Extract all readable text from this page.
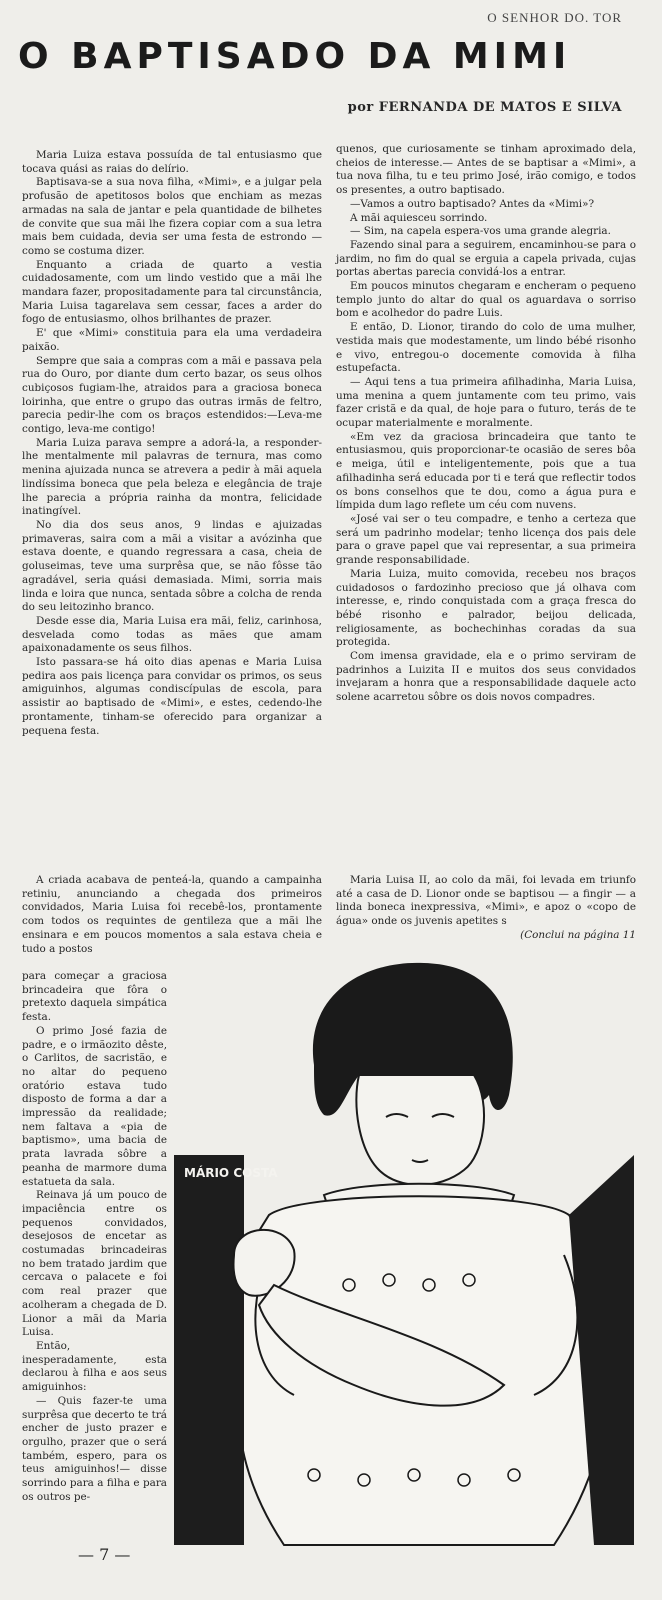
O SENHOR DO. TOR
O BAPTISADO DA MIMI
por FERNANDA DE MATOS E SILVA

Maria Luiza estava possuída de tal entusiasmo que tocava quási as raias do delírio.

Baptisava-se a sua nova filha, «Mimi», e a julgar pela profusão de apetitosos bolos que enchiam as mezas armadas na sala de jantar e pela quantidade de bilhetes de convite que sua mãi lhe fizera copiar com a sua letra mais bem cuidada, devia ser uma festa de estrondo — como se costuma dizer.

Enquanto a criada de quarto a vestia cuidadosamente, com um lindo vestido que a mãi lhe mandara fazer, propositadamente para tal circunstância, Maria Luisa tagarelava sem cessar, faces a arder do fogo de entusiasmo, olhos brilhantes de prazer.

E' que «Mimi» constituia para ela uma verdadeira paixão.

Sempre que saia a compras com a mãi e passava pela rua do Ouro, por diante dum certo bazar, os seus olhos cubiçosos fugiam-lhe, atraidos para a graciosa boneca loirinha, que entre o grupo das outras irmãs de feltro, parecia pedir-lhe com os braços estendidos:—Leva-me contigo, leva-me contigo!

Maria Luiza parava sempre a adorá-la, a responder-lhe mentalmente mil palavras de ternura, mas como menina ajuizada nunca se atrevera a pedir à mãi aquela lindíssima boneca que pela beleza e elegância de traje lhe parecia a própria rainha da montra, felicidade inatingível.

No dia dos seus anos, 9 lindas e ajuizadas primaveras, saira com a mãi a visitar a avózinha que estava doente, e quando regressara a casa, cheia de goluseimas, teve uma surprêsa que, se não fôsse tão agradável, seria quási demasiada. Mimi, sorria mais linda e loira que nunca, sentada sôbre a colcha de renda do seu leitozinho branco.

Desde esse dia, Maria Luisa era mãi, feliz, carinhosa, desvelada como todas as mães que amam apaixonadamente os seus filhos.

Isto passara-se há oito dias apenas e Maria Luisa pedira aos pais licença para convidar os primos, os seus amiguinhos, algumas condiscípulas de escola, para assistir ao baptisado de «Mimi», e estes, cedendo-lhe prontamente, tinham-se oferecido para organizar a pequena festa.

quenos, que curiosamente se tinham aproximado dela, cheios de interesse.— Antes de se baptisar a «Mimi», a tua nova filha, tu e teu primo José, irão comigo, e todos os presentes, a outro baptisado.

—Vamos a outro baptisado? Antes da «Mimi»?

A mãi aquiesceu sorrindo.

— Sim, na capela espera-vos uma grande alegria.

Fazendo sinal para a seguirem, encaminhou-se para o jardim, no fim do qual se erguia a capela privada, cujas portas abertas parecia convidá-los a entrar.

Em poucos minutos chegaram e encheram o pequeno templo junto do altar do qual os aguardava o sorriso bom e acolhedor do padre Luis.

E então, D. Lionor, tirando do colo de uma mulher, vestida mais que modestamente, um lindo bébé risonho e vivo, entregou-o docemente comovida à filha estupefacta.

— Aqui tens a tua primeira afilhadinha, Maria Luisa, uma menina a quem juntamente com teu primo, vais fazer cristã e da qual, de hoje para o futuro, terás de te ocupar materialmente e moralmente.

«Em vez da graciosa brincadeira que tanto te entusiasmou, quis proporcionar-te ocasião de seres bôa e meiga, útil e inteligentemente, pois que a tua afilhadinha será educada por ti e terá que reflectir todos os bons conselhos que te dou, como a água pura e límpida dum lago reflete um céu com nuvens.

«José vai ser o teu compadre, e tenho a certeza que será um padrinho modelar; tenho licença dos pais dele para o grave papel que vai representar, a sua primeira grande responsabilidade.

Maria Luiza, muito comovida, recebeu nos braços cuidadosos o fardozinho precioso que já olhava com interesse, e, rindo conquistada com a graça fresca do bébé risonho e palrador, beijou delicada, religiosamente, as bochechinhas coradas da sua protegida.

Com imensa gravidade, ela e o primo serviram de padrinhos a Luizita II e muitos dos seus convidados invejaram a honra que a responsabilidade daquele acto solene acarretou sôbre os dois novos compadres.

A criada acabava de penteá-la, quando a campainha retiniu, anunciando a chegada dos primeiros convidados, Maria Luisa foi recebê-los, prontamente com todos os requintes de gentileza que a mãi lhe ensinara e em poucos momentos a sala estava cheia e tudo a postos

para começar a graciosa brincadeira que fôra o pretexto daquela simpática festa.

O primo José fazia de padre, e o irmãozito dêste, o Carlitos, de sacristão, e no altar do pequeno oratório estava tudo disposto de forma a dar a impressão da realidade; nem faltava a «pia de baptismo», uma bacia de prata lavrada sôbre a peanha de marmore duma estatueta da sala.

Reinava já um pouco de impaciência entre os pequenos convidados, desejosos de encetar as costumadas brincadeiras no bem tratado jardim que cercava o palacete e foi com real prazer que acolheram a chegada de D. Lionor a mãi da Maria Luisa.

Então, inesperadamente, esta declarou à filha e aos seus amiguinhos:

— Quis fazer-te uma surprêsa que decerto te trá encher de justo prazer e orgulho, prazer que o será também, espero, para os teus amiguinhos!— disse sorrindo para a filha e para os outros pe-

Maria Luisa II, ao colo da mãi, foi levada em triunfo até a casa de D. Lionor onde se baptisou — a fingir — a linda boneca inexpressiva, «Mimi», e apoz o «copo de água» onde os juvenis apetites s

(Conclui na página 11

MÁRIO COSTA
— 7 —
